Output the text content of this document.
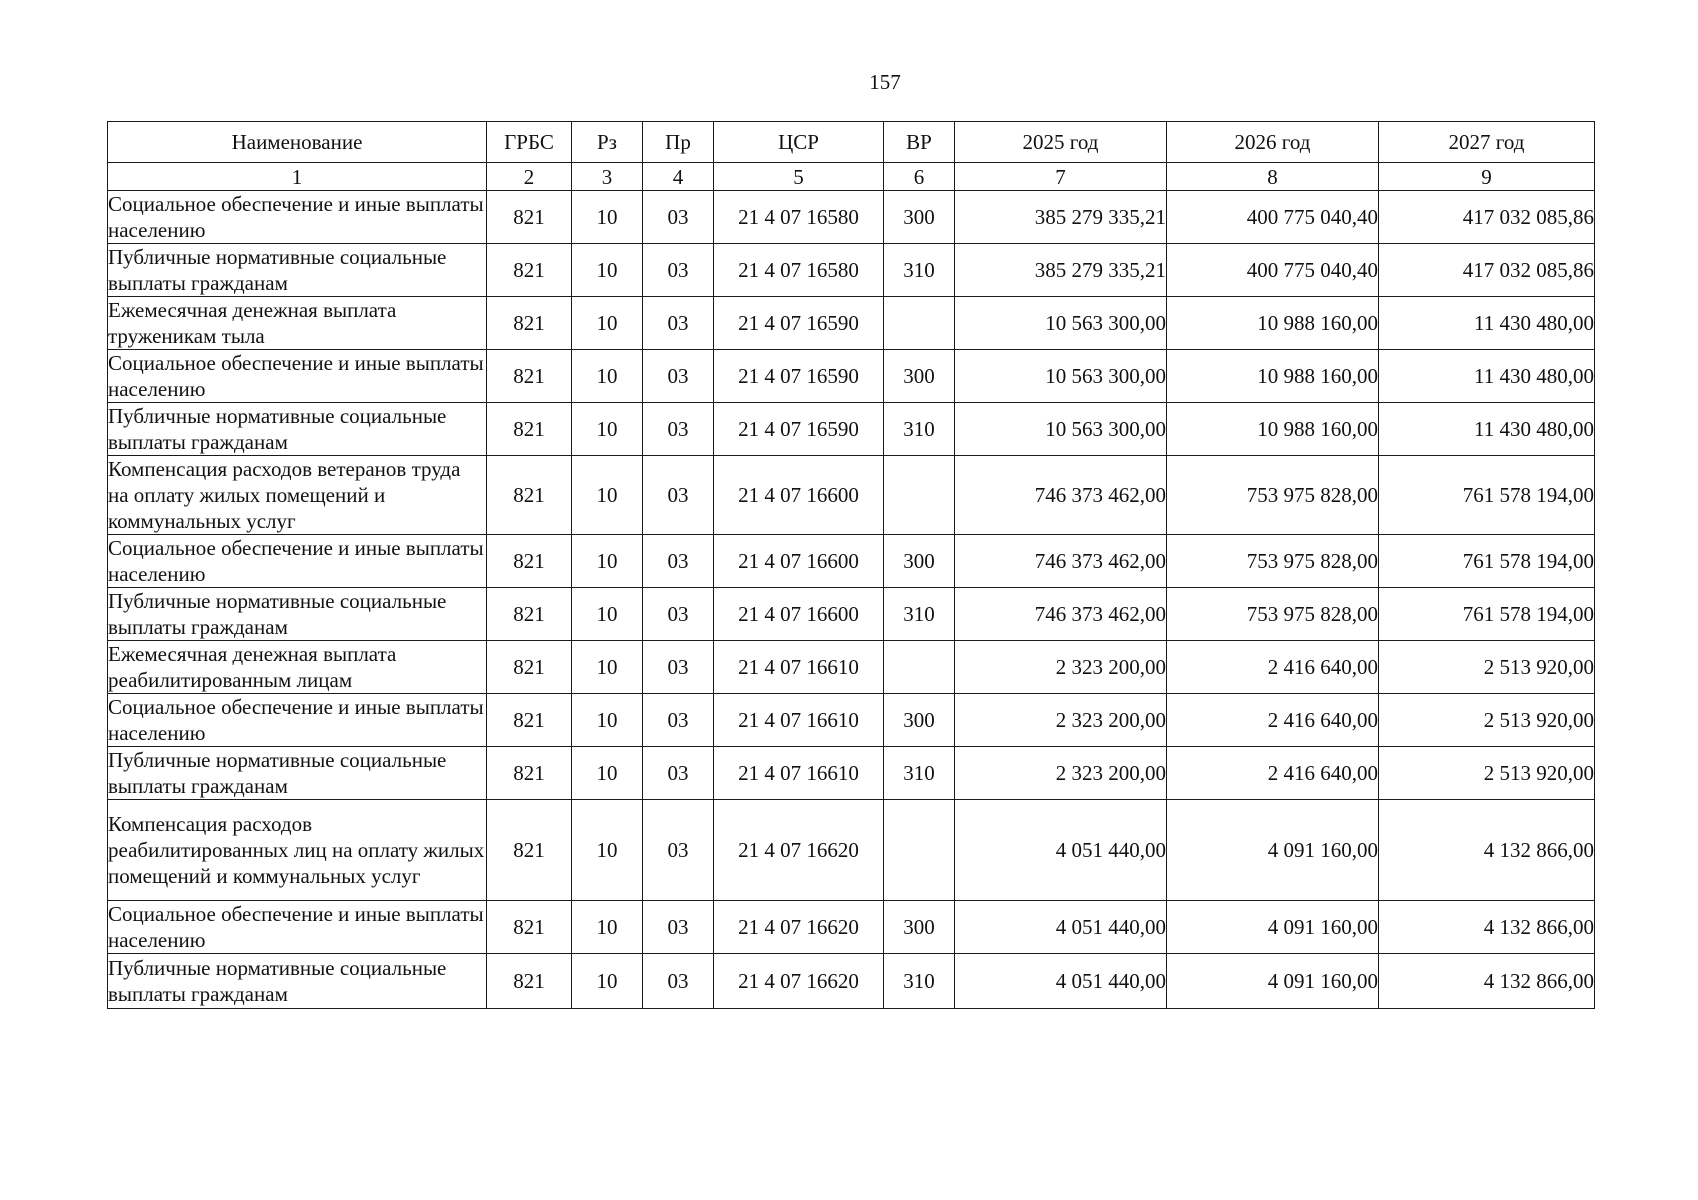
157
Наименование	ГРБС	Рз	Пр	ЦСР	ВР	2025 год	2026 год	2027 год
1	2	3	4	5	6	7	8	9
Социальное обеспечение и иные выплаты населению	821	10	03	21 4 07 16580	300	385 279 335,21	400 775 040,40	417 032 085,86
Публичные нормативные социальные выплаты гражданам	821	10	03	21 4 07 16580	310	385 279 335,21	400 775 040,40	417 032 085,86
Ежемесячная денежная выплата труженикам тыла	821	10	03	21 4 07 16590		10 563 300,00	10 988 160,00	11 430 480,00
Социальное обеспечение и иные выплаты населению	821	10	03	21 4 07 16590	300	10 563 300,00	10 988 160,00	11 430 480,00
Публичные нормативные социальные выплаты гражданам	821	10	03	21 4 07 16590	310	10 563 300,00	10 988 160,00	11 430 480,00
Компенсация расходов ветеранов труда на оплату жилых помещений и коммунальных услуг	821	10	03	21 4 07 16600		746 373 462,00	753 975 828,00	761 578 194,00
Социальное обеспечение и иные выплаты населению	821	10	03	21 4 07 16600	300	746 373 462,00	753 975 828,00	761 578 194,00
Публичные нормативные социальные выплаты гражданам	821	10	03	21 4 07 16600	310	746 373 462,00	753 975 828,00	761 578 194,00
Ежемесячная денежная выплата реабилитированным лицам	821	10	03	21 4 07 16610		2 323 200,00	2 416 640,00	2 513 920,00
Социальное обеспечение и иные выплаты населению	821	10	03	21 4 07 16610	300	2 323 200,00	2 416 640,00	2 513 920,00
Публичные нормативные социальные выплаты гражданам	821	10	03	21 4 07 16610	310	2 323 200,00	2 416 640,00	2 513 920,00
Компенсация расходов реабилитированных лиц на оплату жилых помещений и коммунальных услуг	821	10	03	21 4 07 16620		4 051 440,00	4 091 160,00	4 132 866,00
Социальное обеспечение и иные выплаты населению	821	10	03	21 4 07 16620	300	4 051 440,00	4 091 160,00	4 132 866,00
Публичные нормативные социальные выплаты гражданам	821	10	03	21 4 07 16620	310	4 051 440,00	4 091 160,00	4 132 866,00
